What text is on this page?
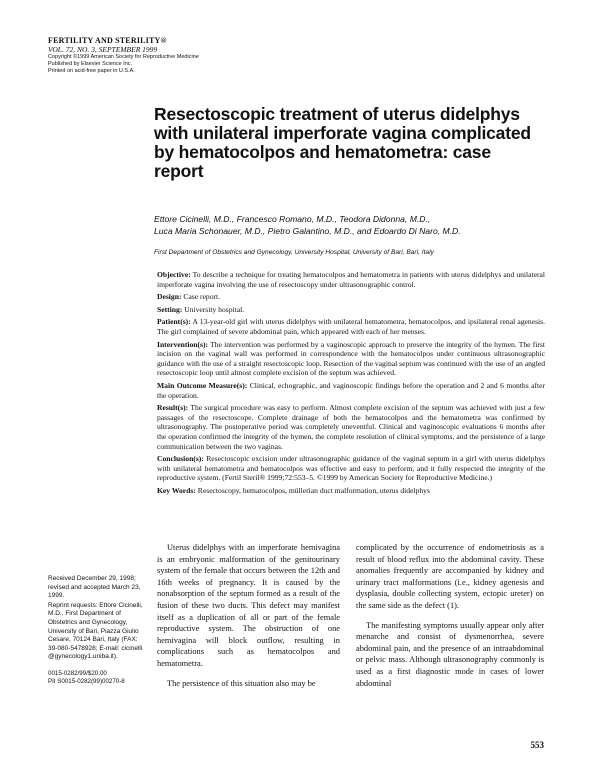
FERTILITY AND STERILITY®
VOL. 72, NO. 3, SEPTEMBER 1999
Copyright ©1999 American Society for Reproductive Medicine
Published by Elsevier Science Inc.
Printed on acid-free paper in U.S.A.
Resectoscopic treatment of uterus didelphys with unilateral imperforate vagina complicated by hematocolpos and hematometra: case report
Ettore Cicinelli, M.D., Francesco Romano, M.D., Teodora Didonna, M.D.,
Luca Maria Schonauer, M.D., Pietro Galantino, M.D., and Edoardo Di Naro, M.D.
First Department of Obstetrics and Gynecology, University Hospital, University of Bari, Bari, Italy

Objective: To describe a technique for treating hematocolpos and hematometra in patients with uterus didelphys and unilateral imperforate vagina involving the use of resectoscopy under ultrasonographic control.

Design: Case report.

Setting: University hospital.

Patient(s): A 13-year-old girl with uterus didelphys with unilateral hematometra, hematocolpos, and ipsilateral renal agenesis. The girl complained of severe abdominal pain, which appeared with each of her menses.

Intervention(s): The intervention was performed by a vaginoscopic approach to preserve the integrity of the hymen. The first incision on the vaginal wall was performed in correspondence with the hematocolpos under continuous ultrasonographic guidance with the use of a straight resectoscopic loop. Resection of the vaginal septum was continued with the use of an angled resectoscopic loop until almost complete excision of the septum was achieved.

Main Outcome Measure(s): Clinical, echographic, and vaginoscopic findings before the operation and 2 and 6 months after the operation.

Result(s): The surgical procedure was easy to perform. Almost complete excision of the septum was achieved with just a few passages of the resectoscope. Complete drainage of both the hematocolpos and the hematometra was confirmed by ultrasonography. The postoperative period was completely uneventful. Clinical and vaginoscopic evaluations 6 months after the operation confirmed the integrity of the hymen, the complete resolution of clinical symptoms, and the persistence of a large communication between the two vaginas.

Conclusion(s): Resectoscopic excision under ultrasonographic guidance of the vaginal septum in a girl with uterus didelphys with unilateral hematometra and hematocolpos was effective and easy to perform, and it fully respected the integrity of the reproductive system. (Fertil Steril® 1999;72:553–5. ©1999 by American Society for Reproductive Medicine.)

Key Words: Resectoscopy, hematocolpos, müllerian duct malformation, uterus didelphys

Received December 29, 1998; revised and accepted March 23, 1999.

Reprint requests: Ettore Cicinelli, M.D., First Department of Obstetrics and Gynecology, University of Bari, Piazza Giulio Cesare, 70124 Bari, Italy (FAX: 39-080-5478928; E-mail: cicinelli @gynecology1.uniba.it).

0015-0282/99/$20.00
PII S0015-0282(99)00270-8

Uterus didelphys with an imperforate hemivagina is an embryonic malformation of the genitourinary system of the female that occurs between the 12th and 16th weeks of pregnancy. It is caused by the nonabsorption of the septum formed as a result of the fusion of these two ducts. This defect may manifest itself as a duplication of all or part of the female reproductive system. The obstruction of one hemivagina will block outflow, resulting in complications such as hematocolpos and hematometra.

The persistence of this situation also may be

complicated by the occurrence of endometriosis as a result of blood reflux into the abdominal cavity. These anomalies frequently are accompanied by kidney and urinary tract malformations (i.e., kidney agenesis and dysplasia, double collecting system, ectopic ureter) on the same side as the defect (1).

The manifesting symptoms usually appear only after menarche and consist of dysmenorrhea, severe abdominal pain, and the presence of an intraabdominal or pelvic mass. Although ultrasonography commonly is used as a first diagnostic mode in cases of lower abdominal

553
